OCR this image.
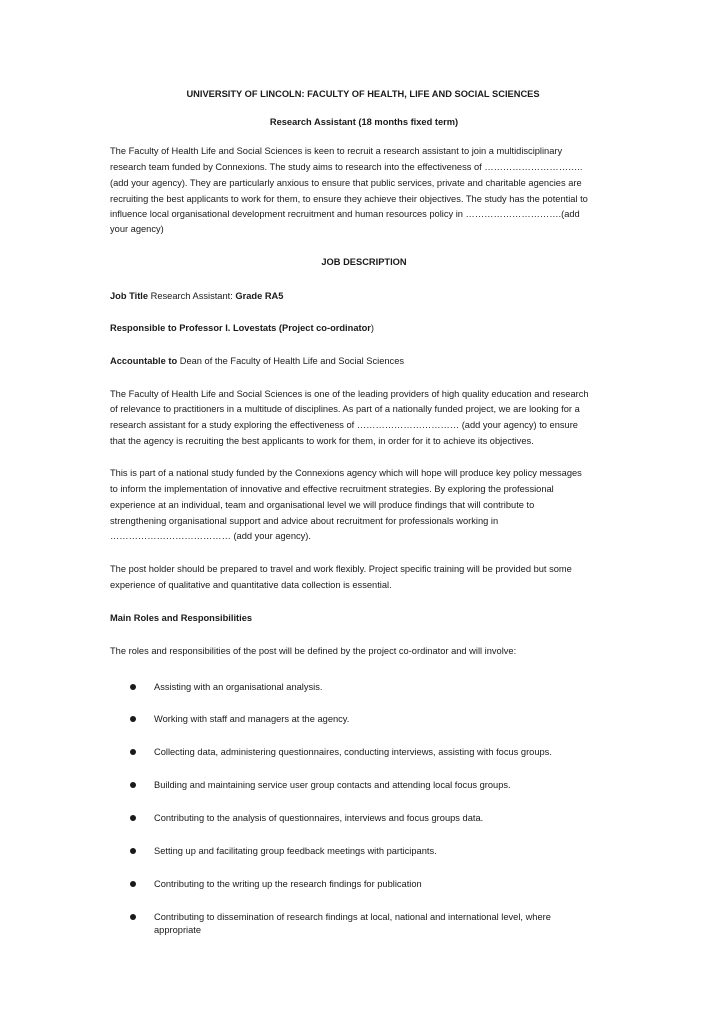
UNIVERSITY OF LINCOLN: FACULTY OF HEALTH, LIFE AND SOCIAL SCIENCES
Research Assistant (18 months fixed term)
The Faculty of Health Life and Social Sciences is keen to recruit a research assistant to join a multidisciplinary
research team funded by Connexions. The study aims to research into the effectiveness of …………………………..
(add your agency). They are particularly anxious to ensure that public services, private and charitable agencies are
recruiting the best applicants to work for them, to ensure they achieve their objectives. The study has the potential to
influence local organisational development recruitment and human resources policy in ………………………….(add
your agency)
JOB DESCRIPTION
Job Title Research Assistant: Grade RA5
Responsible to Professor I. Lovestats (Project co-ordinator)
Accountable to Dean of the Faculty of Health Life and Social Sciences
The Faculty of Health Life and Social Sciences is one of the leading providers of high quality education and research
of relevance to practitioners in a multitude of disciplines. As part of a nationally funded project, we are looking for a
research assistant for a study exploring the effectiveness of …………………………… (add your agency) to ensure
that the agency is recruiting the best applicants to work for them, in order for it to achieve its objectives.
This is part of a national study funded by the Connexions agency which will hope will produce key policy messages
to inform the implementation of innovative and effective recruitment strategies. By exploring the professional
experience at an individual, team and organisational level we will produce findings that will contribute to
strengthening organisational support and advice about recruitment for professionals working in
………………………………… (add your agency).
The post holder should be prepared to travel and work flexibly. Project specific training will be provided but some
experience of qualitative and quantitative data collection is essential.
Main Roles and Responsibilities
The roles and responsibilities of the post will be defined by the project co-ordinator and will involve:
Assisting with an organisational analysis.
Working with staff and managers at the agency.
Collecting data, administering questionnaires, conducting interviews, assisting with focus groups.
Building and maintaining service user group contacts and attending local focus groups.
Contributing to the analysis of questionnaires, interviews and focus groups data.
Setting up and facilitating group feedback meetings with participants.
Contributing to the writing up the research findings for publication
Contributing to dissemination of research findings at local, national and international level, where
appropriate
